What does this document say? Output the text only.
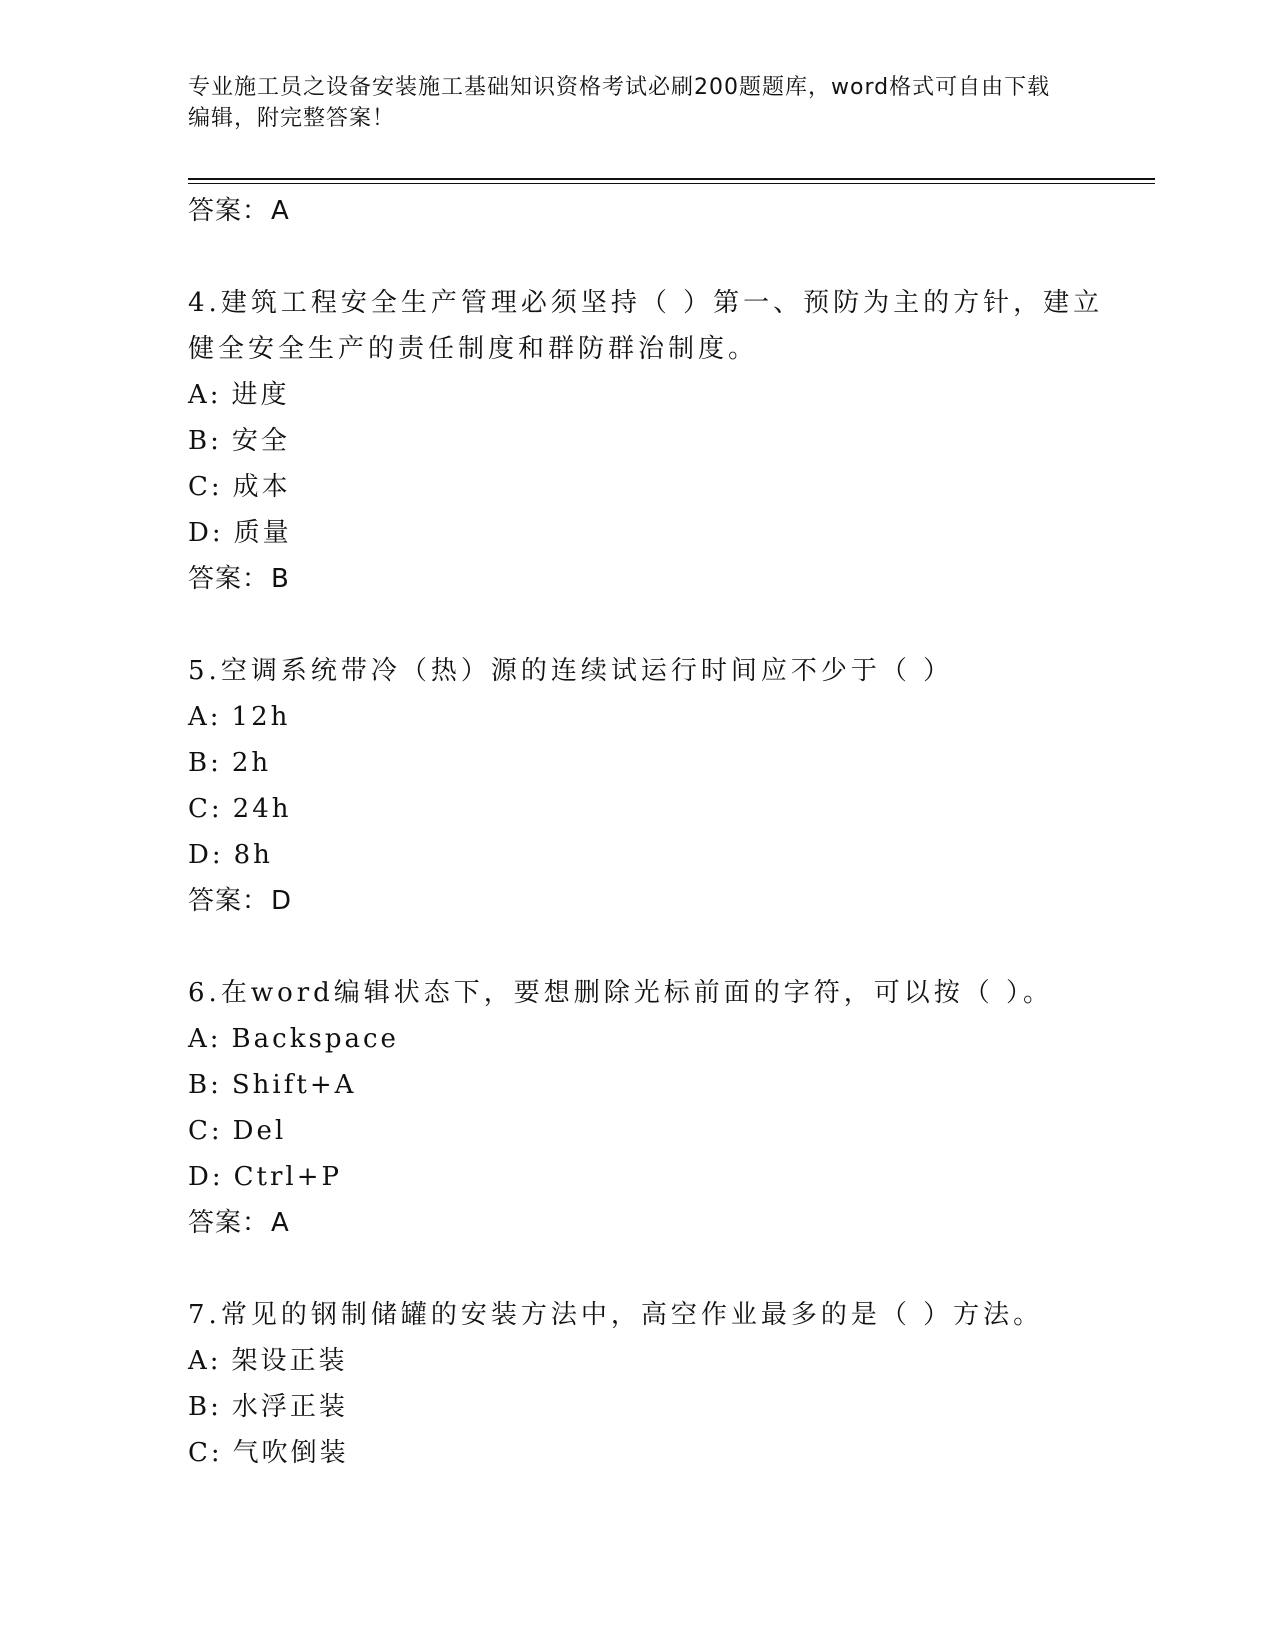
专业施工员之设备安装施工基础知识资格考试必刷200题题库，word格式可自由下载编辑，附完整答案！
答案：A
4.建筑工程安全生产管理必须坚持（ ）第一、预防为主的方针，建立健全安全生产的责任制度和群防群治制度。
A: 进度
B: 安全
C: 成本
D: 质量
答案：B
5.空调系统带冷（热）源的连续试运行时间应不少于（ ）
A: 12h
B: 2h
C: 24h
D: 8h
答案：D
6.在word编辑状态下，要想删除光标前面的字符，可以按（ ）。
A: Backspace
B: Shift+A
C: Del
D: Ctrl+P
答案：A
7.常见的钢制储罐的安装方法中，高空作业最多的是（ ）方法。
A: 架设正装
B: 水浮正装
C: 气吹倒装
